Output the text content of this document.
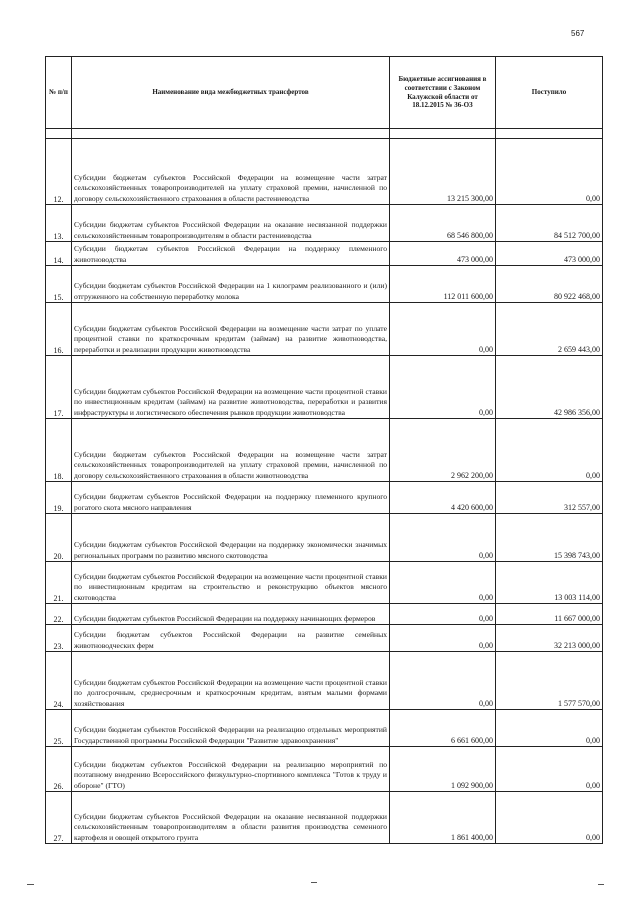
567
№ п/п	Наименование вида межбюджетных трансфертов	Бюджетные ассигнования в соответствии с Законом Калужской области от 18.12.2015 № 36-ОЗ	Поступило

12.	Субсидии бюджетам субъектов Российской Федерации на возмещение части затрат сельскохозяйственных товаропроизводителей на уплату страховой премии, начисленной по договору сельскохозяйственного страхования в области растениеводства	13 215 300,00	0,00
13.	Субсидии бюджетам субъектов Российской Федерации на оказание несвязанной поддержки сельскохозяйственным товаропроизводителям в области растениеводства	68 546 800,00	84 512 700,00
14.	Субсидии бюджетам субъектов Российской Федерации на поддержку племенного животноводства	473 000,00	473 000,00
15.	Субсидии бюджетам субъектов Российской Федерации на 1 килограмм реализованного и (или) отгруженного на собственную переработку молока	112 011 600,00	80 922 468,00
16.	Субсидии бюджетам субъектов Российской Федерации на возмещение части затрат по уплате процентной ставки по краткосрочным кредитам (займам) на развитие животноводства, переработки и реализации продукции животноводства	0,00	2 659 443,00
17.	Субсидии бюджетам субъектов Российской Федерации на возмещение части процентной ставки по инвестиционным кредитам (займам) на развитие животноводства, переработки и развития инфраструктуры и логистического обеспечения рынков продукции животноводства	0,00	42 986 356,00
18.	Субсидии бюджетам субъектов Российской Федерации на возмещение части затрат сельскохозяйственных товаропроизводителей на уплату страховой премии, начисленной по договору сельскохозяйственного страхования в области животноводства	2 962 200,00	0,00
19.	Субсидии бюджетам субъектов Российской Федерации на поддержку племенного крупного рогатого скота мясного направления	4 420 600,00	312 557,00
20.	Субсидии бюджетам субъектов Российской Федерации на поддержку экономически значимых региональных программ по развитию мясного скотоводства	0,00	15 398 743,00
21.	Субсидии бюджетам субъектов Российской Федерации на возмещение части процентной ставки по инвестиционным кредитам на строительство и реконструкцию объектов мясного скотоводства	0,00	13 003 114,00
22.	Субсидии бюджетам субъектов Российской Федерации на поддержку начинающих фермеров	0,00	11 667 000,00
23.	Субсидии бюджетам субъектов Российской Федерации на развитие семейных животноводческих ферм	0,00	32 213 000,00
24.	Субсидии бюджетам субъектов Российской Федерации на возмещение части процентной ставки по долгосрочным, среднесрочным и краткосрочным кредитам, взятым малыми формами хозяйствования	0,00	1 577 570,00
25.	Субсидии бюджетам субъектов Российской Федерации на реализацию отдельных мероприятий Государственной программы Российской Федерации "Развитие здравоохранения"	6 661 600,00	0,00
26.	Субсидии бюджетам субъектов Российской Федерации на реализацию мероприятий по поэтапному внедрению Всероссийского физкультурно-спортивного комплекса "Готов к труду и обороне" (ГТО)	1 092 900,00	0,00
27.	Субсидии бюджетам субъектов Российской Федерации на оказание несвязанной поддержки сельскохозяйственным товаропроизводителям в области развития производства семенного картофеля и овощей открытого грунта	1 861 400,00	0,00
